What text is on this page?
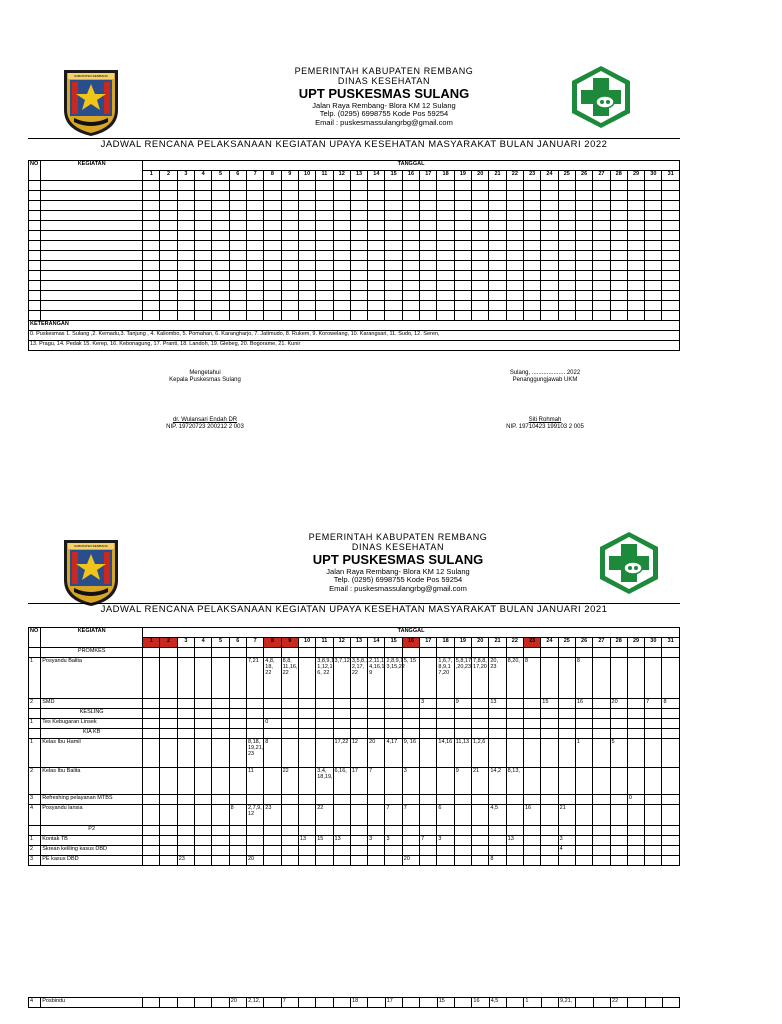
KABUPATEN REMBANG	PEMERINTAH KABUPATEN REMBANG
DINAS KESEHATAN
UPT PUSKESMAS SULANG
Jalan Raya Rembang- Blora KM 12 Sulang
Telp. (0295) 6998755 Kode Pos 59254
Email : puskesmassulangrbg@gmail.com
JADWAL RENCANA PELAKSANAAN KEGIATAN UPAYA KESEHATAN MASYARAKAT BULAN JANUARI 2022
NO	KEGIATAN	TANGGAL																														
		1	2	3	4	5	6	7	8	9	10	11	12	13	14	15	16	17	18	19	20	21	22	23	24	25	26	27	28	29	30	31

KETERANGAN																																
0. Puskesmas 1. Sulang ,2. Kemadu,3. Tanjung , 4. Kaliombo, 5. Pomahan, 6. Karangharjo, 7. Jatimudo, 8. Rukem, 9. Korowelang, 10. Karangsari, 11. Sudo, 12. Seren,																																
13. Pragu, 14. Pedak 15. Kerep, 16. Kebonagung, 17. Pranti, 18. Landoh, 19. Glebeg, 20. Bogorame, 21. Kunir																																
Mengetahui
Kepala Puskesmas Sulang
Sulang, .................... 2022
Penanggungjawab UKM
dr. Wulansari Endah DR
NIP. 19720723 200212 2 003
Siti Rohmah
NIP. 19710423 199103 2 005
KABUPATEN REMBANG
PEMERINTAH KABUPATEN REMBANG
DINAS KESEHATAN
UPT PUSKESMAS SULANG
Jalan Raya Rembang- Blora KM 12 Sulang
Telp. (0295) 6998755 Kode Pos 59254
Email : puskesmassulangrbg@gmail.com
JADWAL RENCANA PELAKSANAAN KEGIATAN UPAYA KESEHATAN MASYARAKAT BULAN JANUARI 2021
NO	KEGIATAN	TANGGAL																														
		1	2	3	4	5	6	7	8	9	10	11	12	13	14	15	16	17	18	19	20	21	22	23	24	25	26	27	28	29	30	31
	PROMKES																															
1	Posyandu Balita							7,21	4,8,
18,
22	8,8,
11,16,
22		3,8,9,1
1,12,1
6, 22	3,7,12	3,5,8,1
2,17,
22	2,11,1
4,16,1
9	2,8,9,1
3,15,22	5, 15		1,6,7,
8,9,1
7,20	5,8,17
,20,23	7,8,8,
17,20	20,
23	8,20,	8			8					
2	SMD																	3		9		13			15		16		20		7	8
	KESLING																															
1	Tes Kebugaran Linsek								0																							
	KIA KB																															
1	Kelas Ibu Hamil							8,18,
19,21,
23	8				17,22	12	20	4,17	9, 16		14,16	11,13	1,2,6						1		5			
2	Kelas Ibu Balita							11		22		3,4,
18,19,	6,16,	17	7		3			9	21	14,2	8,13,									
3	Refreshing pelayanan MTBS																													0		
4	Posyandu lansia						8	2,7,9,
12	23			22				7	7		6			4,5		16		21						
	P2																															
1	Kontak TB										13	15	13		3	3		7	3				13			3						
2	Skrean keliling kasus DBD																									4						
3	PE kasus DBD			23				20									20					8										
4	Posbindu						20	2,12,		7				18		17			15		16	4,5		1		9,21,			22			
